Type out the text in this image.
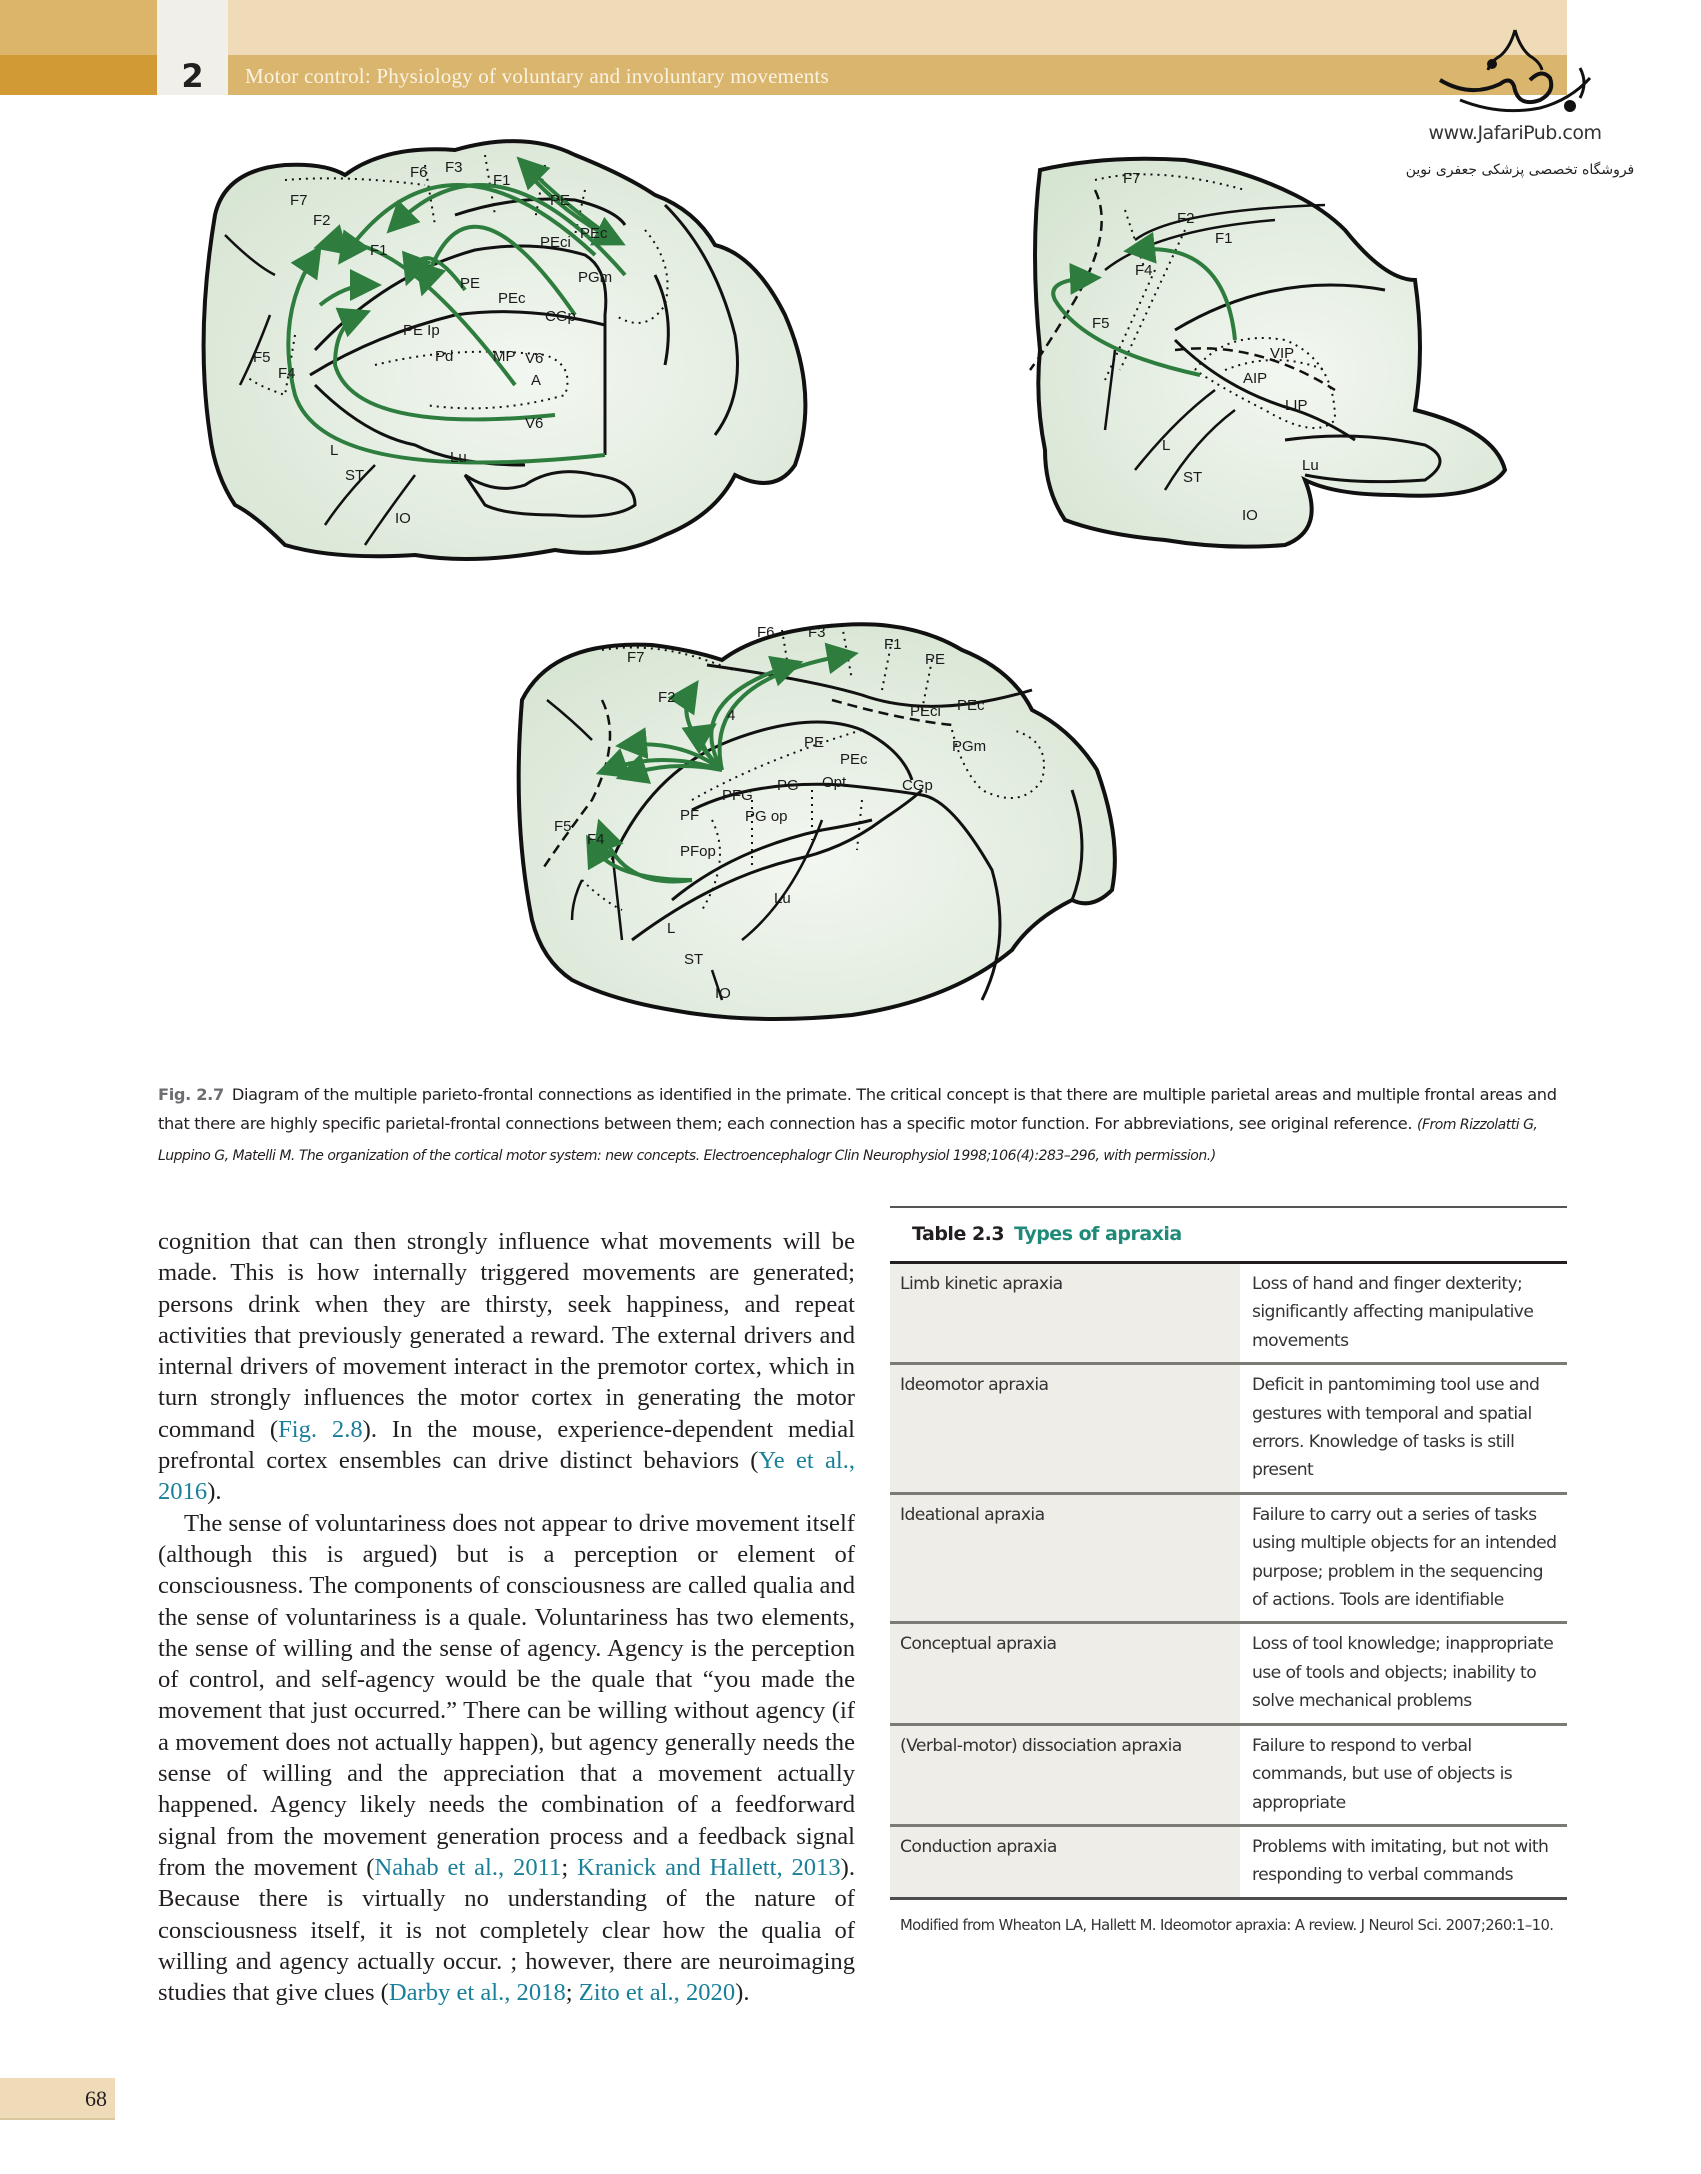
2	Motor control: Physiology of voluntary and involuntary movements
www.JafariPub.com
فروشگاه تخصصی پزشکی جعفری نوین
F6 F3
F1
F7
F2
PE
PEc
PEci
F1
PGm
PE
PEc
CGp
PE Ip
F5
F4
Pd	MP V6
A
V6
L	Lu
ST
IO
F7
F2
F1
F4
F5
VIP
AIP
LIP
L
Lu
ST
IO
F6 F3
F1
F7
F2
PE
4	PEci PEc
PE
PEc
PGm
CGp
PG
PFG
Opt
PF	PG op
F5
F4
PFop
Lu
L
ST
IO
Fig. 2.7 Diagram of the multiple parieto-frontal connections as identified in the primate. The critical concept is that there are multiple parietal areas and multiple frontal areas and that there are highly specific parietal-frontal connections between them; each connection has a specific motor function. For abbreviations, see original reference. (From Rizzolatti G, Luppino G, Matelli M. The organization of the cortical motor system: new concepts. Electroencephalogr Clin Neurophysiol 1998;106(4):283–296, with permission.)

cognition that can then strongly influence what movements will be made. This is how internally triggered movements are generated; persons drink when they are thirsty, seek happiness, and repeat activities that previously generated a reward. The external drivers and internal drivers of movement interact in the premotor cortex, which in turn strongly influences the motor cortex in generating the motor command (Fig. 2.8). In the mouse, experience-dependent medial prefrontal cortex ensembles can drive distinct behaviors (Ye et al., 2016).

The sense of voluntariness does not appear to drive movement itself (although this is argued) but is a perception or element of consciousness. The components of consciousness are called qualia and the sense of voluntariness is a quale. Voluntariness has two elements, the sense of willing and the sense of agency. Agency is the perception of control, and self-agency would be the quale that “you made the movement that just occurred.” There can be willing without agency (if a movement does not actually happen), but agency generally needs the sense of willing and the appreciation that a movement actually happened. Agency likely needs the combination of a feedforward signal from the movement generation process and a feedback signal from the movement (Nahab et al., 2011; Kranick and Hallett, 2013). Because there is virtually no understanding of the nature of consciousness itself, it is not completely clear how the qualia of willing and agency actually occur. ; however, there are neuroimaging studies that give clues (Darby et al., 2018; Zito et al., 2020).

Table 2.3 Types of apraxia
Limb kinetic apraxia	Loss of hand and finger dexterity; significantly affecting manipulative movements
Ideomotor apraxia	Deficit in pantomiming tool use and gestures with temporal and spatial errors. Knowledge of tasks is still present
Ideational apraxia	Failure to carry out a series of tasks using multiple objects for an intended purpose; problem in the sequencing of actions. Tools are identifiable
Conceptual apraxia	Loss of tool knowledge; inappropriate use of tools and objects; inability to solve mechanical problems
(Verbal-motor) dissociation apraxia	Failure to respond to verbal commands, but use of objects is appropriate
Conduction apraxia	Problems with imitating, but not with responding to verbal commands
Modified from Wheaton LA, Hallett M. Ideomotor apraxia: A review. J Neurol Sci. 2007;260:1–10.
68
